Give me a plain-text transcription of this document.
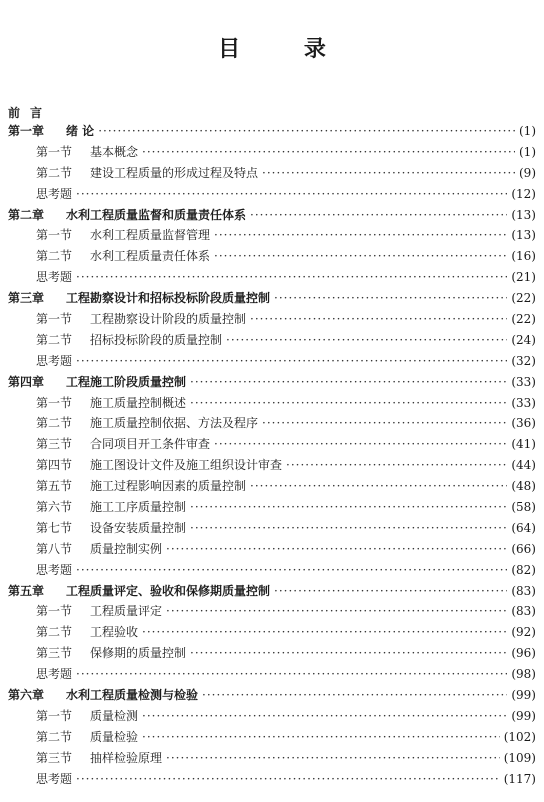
目 录
前言
第一章	绪 论 ·····	(1)
第一节	基本概念 ·····	(1)
第二节	建设工程质量的形成过程及特点 ·····	(9)
思考题 ·····	(12)
第二章	水利工程质量监督和质量责任体系 ·····	(13)
第一节	水利工程质量监督管理 ·····	(13)
第二节	水利工程质量责任体系 ·····	(16)
思考题 ·····	(21)
第三章	工程勘察设计和招标投标阶段质量控制 ·····	(22)
第一节	工程勘察设计阶段的质量控制 ·····	(22)
第二节	招标投标阶段的质量控制 ·····	(24)
思考题 ·····	(32)
第四章	工程施工阶段质量控制 ·····	(33)
第一节	施工质量控制概述 ·····	(33)
第二节	施工质量控制依据、方法及程序 ·····	(36)
第三节	合同项目开工条件审查 ·····	(41)
第四节	施工图设计文件及施工组织设计审查 ·····	(44)
第五节	施工过程影响因素的质量控制 ·····	(48)
第六节	施工工序质量控制 ·····	(58)
第七节	设备安装质量控制 ·····	(64)
第八节	质量控制实例 ·····	(66)
思考题 ·····	(82)
第五章	工程质量评定、验收和保修期质量控制 ·····	(83)
第一节	工程质量评定 ·····	(83)
第二节	工程验收 ·····	(92)
第三节	保修期的质量控制 ·····	(96)
思考题 ·····	(98)
第六章	水利工程质量检测与检验 ·····	(99)
第一节	质量检测 ·····	(99)
第二节	质量检验 ·····	(102)
第三节	抽样检验原理 ·····	(109)
思考题 ·····	(117)
